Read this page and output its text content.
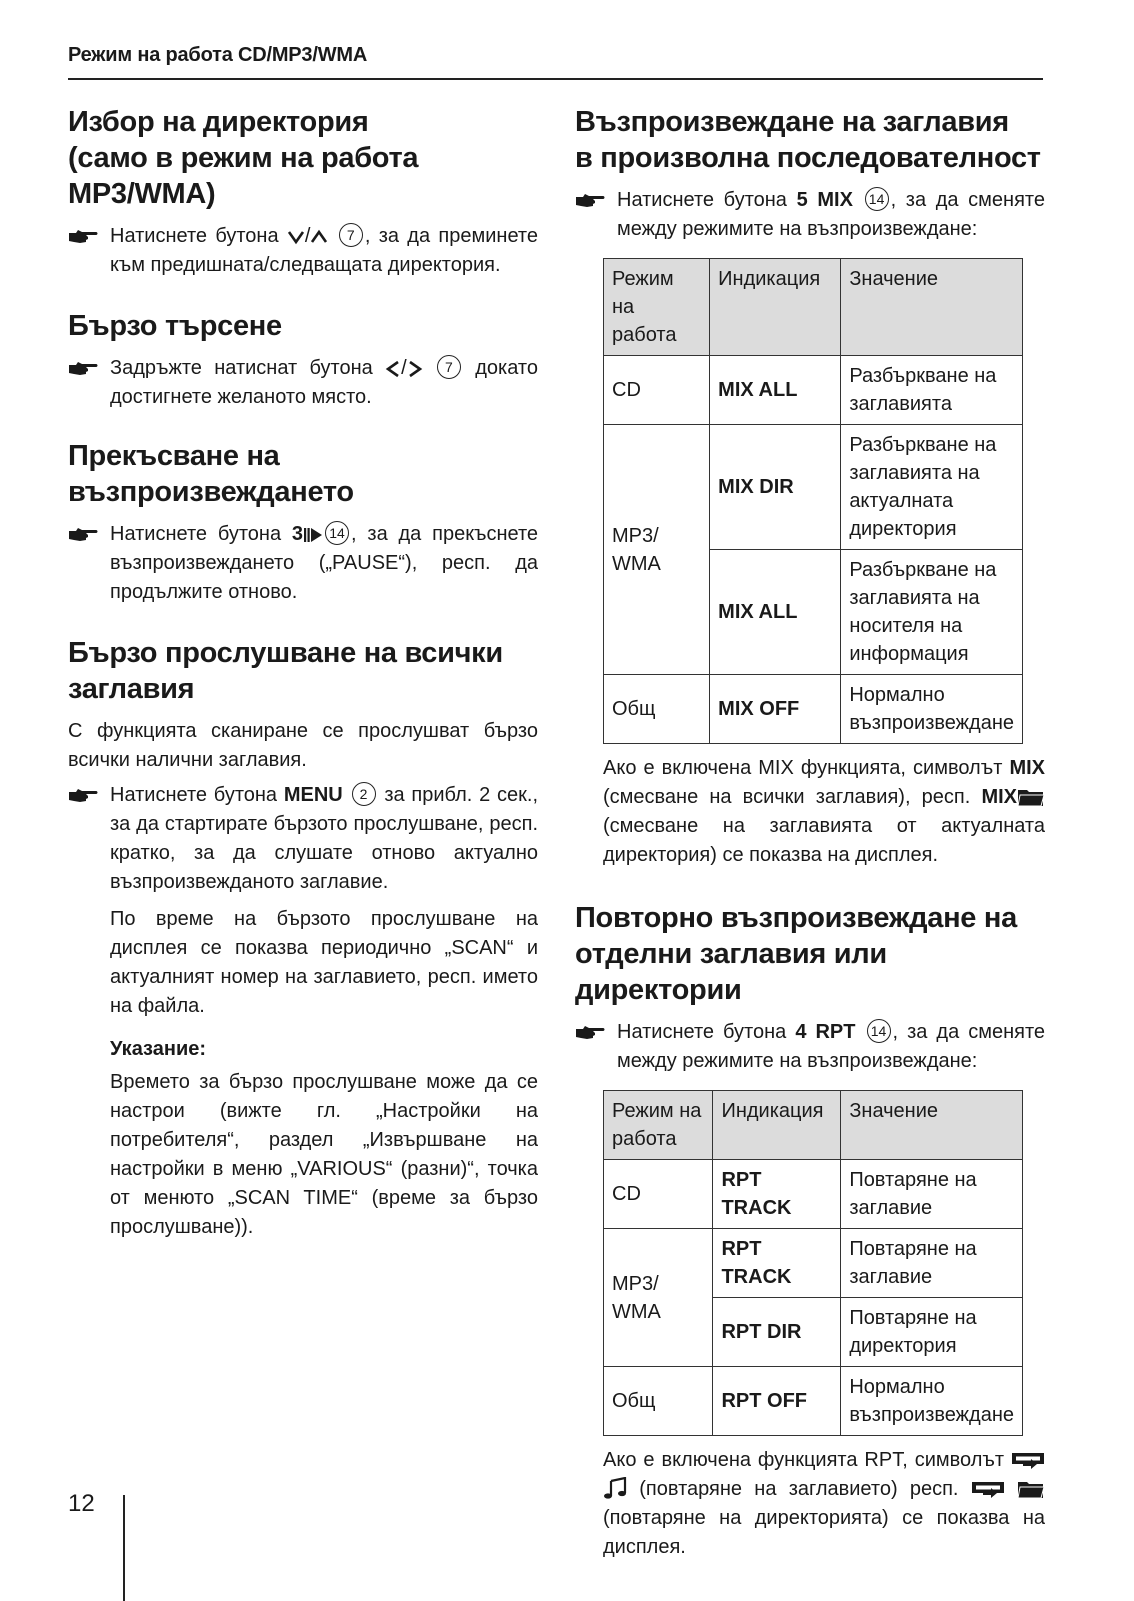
Режим на работа CD/MP3/WMA
Избор на директория
(само в режим на работа MP3/WMA)
Натиснете бутона /	7 , за да преминете към предишната/следващата директория.
Бързо търсене
Задръжте натиснат бутона /	7 докато достигнете желаното място.
Прекъсване на възпроизвеждането
Натиснете бутона 3 14 , за да прекъснете възпроизвеждането („PAUSE“), респ. да продължите отново.
Бързо прослушване на всички
заглавия

С функцията сканиране се прослушват бързо всички налични заглавия.

Натиснете бутона MENU 2 за прибл. 2 сек., за да стартирате бързото прослушване, респ. кратко, за да слушате отново актуално възпроизвежданото заглавие.

По време на бързото прослушване на дисплея се показва периодично „SCAN“ и актуалният номер на заглавието, респ. името на файла.

Указание:

Времето за бързо прослушване може да се настрои (вижте гл. „Настройки на потребителя“, раздел „Извършване на настройки в меню „VARIOUS“ (разни)“, точка от менюто „SCAN TIME“ (време за бързо прослушване)).

Възпроизвеждане на заглавия
в произволна последователност
Натиснете бутона 5 MIX 14 , за да сменяте между режимите на възпроизвеждане:
Режим на работа	Индикация	Значение
CD	MIX ALL	Разбъркване на заглавията
MP3/ WMA	MIX DIR	Разбъркване на заглавията на актуалната директория
	MIX ALL	Разбъркване на заглавията на носителя на информация
Общ	MIX OFF	Нормално възпроизвеждане

Ако е включена MIX функцията, символът MIX (смесване на всички заглавия), респ. MIX (смесване на заглавията от актуалната директория) се показва на дисплея.

Повторно възпроизвеждане на
отделни заглавия или директории
Натиснете бутона 4 RPT 14 , за да сменяте между режимите на възпроизвеждане:
Режим на работа	Индикация	Значение
CD	RPT TRACK	Повтаряне на заглавие
MP3/ WMA	RPT TRACK	Повтаряне на заглавие
	RPT DIR	Повтаряне на директория
Общ	RPT OFF	Нормално възпроизвеждане

Ако е включена функцията RPT, символът   (повтаряне на заглавието) респ.   (повтаряне на директорията) се показва на дисплея.

12
